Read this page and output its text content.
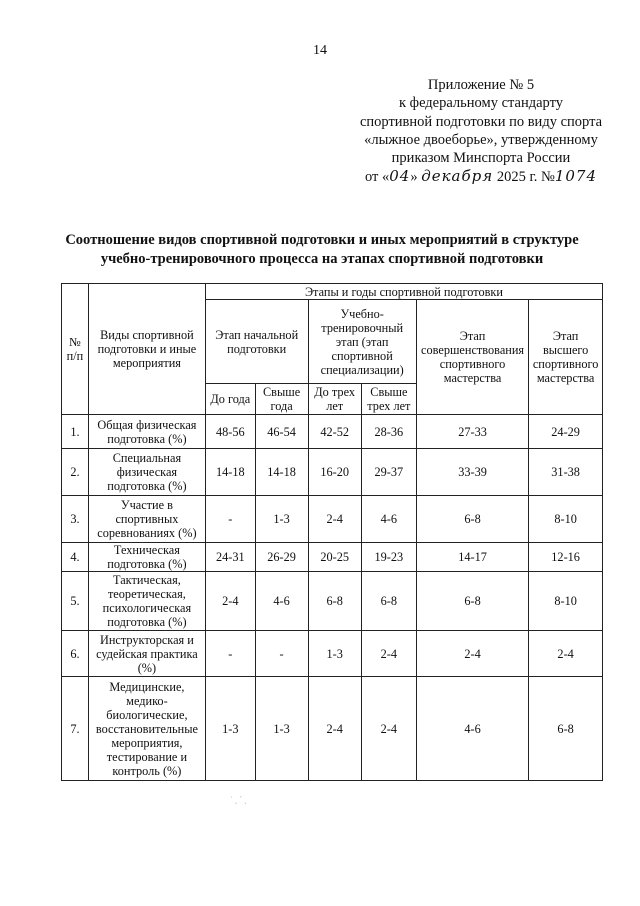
14
Приложение № 5
к федеральному стандарту
спортивной подготовки по виду спорта
«лыжное двоеборье», утвержденному
приказом Минспорта России
от «04» декабря 2025 г. №1074
Соотношение видов спортивной подготовки и иных мероприятий в структуре
учебно-тренировочного процесса на этапах спортивной подготовки
№ п/п	Виды спортивной подготовки и иные мероприятия	Этапы и годы спортивной подготовки					
		Этап начальной подготовки		Учебно-тренировочный этап (этап спортивной специализации)		Этап совершенствования спортивного мастерства	Этап высшего спортивного мастерства
		До года	Свыше года	До трех лет	Свыше трех лет		
1.	Общая физическая подготовка (%)	48-56	46-54	42-52	28-36	27-33	24-29
2.	Специальная физическая подготовка (%)	14-18	14-18	16-20	29-37	33-39	31-38
3.	Участие в спортивных соревнованиях (%)	-	1-3	2-4	4-6	6-8	8-10
4.	Техническая подготовка (%)	24-31	26-29	20-25	19-23	14-17	12-16
5.	Тактическая, теоретическая, психологическая подготовка (%)	2-4	4-6	6-8	6-8	6-8	8-10
6.	Инструкторская и судейская практика (%)	-	-	1-3	2-4	2-4	2-4
7.	Медицинские, медико-биологические, восстановительные мероприятия, тестирование и контроль (%)	1-3	1-3	2-4	2-4	4-6	6-8
˙ ˏ ´ ˏ
